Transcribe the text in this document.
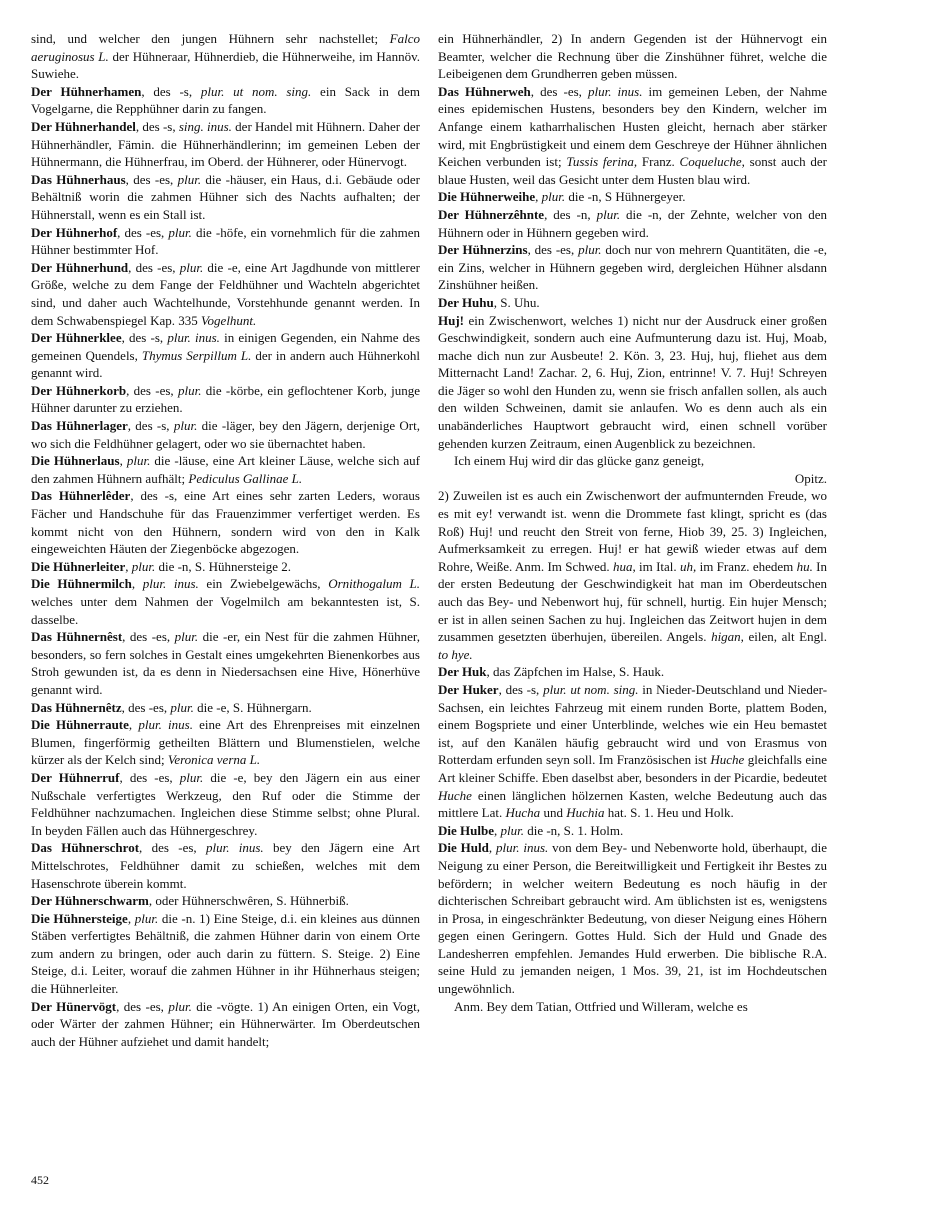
sind, und welcher den jungen Hühnern sehr nachstellet; Falco aeruginosus L. der Hühneraar, Hühnerdieb, die Hühnerweihe, im Hannöv. Suwiehe.

Der Hühnerhamen, des -s, plur. ut nom. sing. ein Sack in dem Vogelgarne, die Repphühner darin zu fangen.

Der Hühnerhandel, des -s, sing. inus. der Handel mit Hühnern. Daher der Hühnerhändler, Fämin. die Hühnerhändlerinn; im gemeinen Leben der Hühnermann, die Hühnerfrau, im Oberd. der Hühnerer, oder Hünervogt.

Das Hühnerhaus, des -es, plur. die -häuser, ein Haus, d.i. Gebäude oder Behältniß worin die zahmen Hühner sich des Nachts aufhalten; der Hühnerstall, wenn es ein Stall ist.

Der Hühnerhof, des -es, plur. die -höfe, ein vornehmlich für die zahmen Hühner bestimmter Hof.

Der Hühnerhund, des -es, plur. die -e, eine Art Jagdhunde von mittlerer Größe, welche zu dem Fange der Feldhühner und Wachteln abgerichtet sind, und daher auch Wachtelhunde, Vorstehhunde genannt werden. In dem Schwabenspiegel Kap. 335 Vogelhunt.

Der Hühnerklee, des -s, plur. inus. in einigen Gegenden, ein Nahme des gemeinen Quendels, Thymus Serpillum L. der in andern auch Hühnerkohl genannt wird.

Der Hühnerkorb, des -es, plur. die -körbe, ein geflochtener Korb, junge Hühner darunter zu erziehen.

Das Hühnerlager, des -s, plur. die -läger, bey den Jägern, derjenige Ort, wo sich die Feldhühner gelagert, oder wo sie übernachtet haben.

Die Hühnerlaus, plur. die -läuse, eine Art kleiner Läuse, welche sich auf den zahmen Hühnern aufhält; Pediculus Gallinae L.

Das Hühnerlêder, des -s, eine Art eines sehr zarten Leders, woraus Fächer und Handschuhe für das Frauenzimmer verfertiget werden. Es kommt nicht von den Hühnern, sondern wird von den in Kalk eingeweichten Häuten der Ziegenböcke abgezogen.

Die Hühnerleiter, plur. die -n, S. Hühnersteige 2.

Die Hühnermilch, plur. inus. ein Zwiebelgewächs, Ornithogalum L. welches unter dem Nahmen der Vogelmilch am bekanntesten ist, S. dasselbe.

Das Hühnernêst, des -es, plur. die -er, ein Nest für die zahmen Hühner, besonders, so fern solches in Gestalt eines umgekehrten Bienenkorbes aus Stroh gewunden ist, da es denn in Niedersachsen eine Hive, Hönerhüve genannt wird.

Das Hühnernêtz, des -es, plur. die -e, S. Hühnergarn.

Die Hühnerraute, plur. inus. eine Art des Ehrenpreises mit einzelnen Blumen, fingerförmig getheilten Blättern und Blumenstielen, welche kürzer als der Kelch sind; Veronica verna L.

Der Hühnerruf, des -es, plur. die -e, bey den Jägern ein aus einer Nußschale verfertigtes Werkzeug, den Ruf oder die Stimme der Feldhühner nachzumachen. Ingleichen diese Stimme selbst; ohne Plural. In beyden Fällen auch das Hühnergeschrey.

Das Hühnerschrot, des -es, plur. inus. bey den Jägern eine Art Mittelschrotes, Feldhühner damit zu schießen, welches mit dem Hasenschrote überein kommt.

Der Hühnerschwarm, oder Hühnerschwêren, S. Hühnerbiß.

Die Hühnersteige, plur. die -n. 1) Eine Steige, d.i. ein kleines aus dünnen Stäben verfertigtes Behältniß, die zahmen Hühner darin von einem Orte zum andern zu bringen, oder auch darin zu füttern. S. Steige. 2) Eine Steige, d.i. Leiter, worauf die zahmen Hühner in ihr Hühnerhaus steigen; die Hühnerleiter.

Der Hünervögt, des -es, plur. die -vögte. 1) An einigen Orten, ein Vogt, oder Wärter der zahmen Hühner; ein Hühnerwärter. Im Oberdeutschen auch der Hühner aufziehet und damit handelt;

ein Hühnerhändler, 2) In andern Gegenden ist der Hühnervogt ein Beamter, welcher die Rechnung über die Zinshühner führet, welche die Leibeigenen dem Grundherren geben müssen.

Das Hühnerweh, des -es, plur. inus. im gemeinen Leben, der Nahme eines epidemischen Hustens, besonders bey den Kindern, welcher im Anfange einem katharrhalischen Husten gleicht, hernach aber stärker wird, mit Engbrüstigkeit und einem dem Geschreye der Hühner ähnlichen Keichen verbunden ist; Tussis ferina, Franz. Coqueluche, sonst auch der blaue Husten, weil das Gesicht unter dem Husten blau wird.

Die Hühnerweihe, plur. die -n, S Hühnergeyer.

Der Hühnerzêhnte, des -n, plur. die -n, der Zehnte, welcher von den Hühnern oder in Hühnern gegeben wird.

Der Hühnerzins, des -es, plur. doch nur von mehrern Quantitäten, die -e, ein Zins, welcher in Hühnern gegeben wird, dergleichen Hühner alsdann Zinshühner heißen.

Der Huhu, S. Uhu.

Huj! ein Zwischenwort, welches 1) nicht nur der Ausdruck einer großen Geschwindigkeit, sondern auch eine Aufmunterung dazu ist. Huj, Moab, mache dich nun zur Ausbeute! 2. Kön. 3, 23. Huj, huj, fliehet aus dem Mitternacht Land! Zachar. 2, 6. Huj, Zion, entrinne! V. 7. Huj! Schreyen die Jäger so wohl den Hunden zu, wenn sie frisch anfallen sollen, als auch den wilden Schweinen, damit sie anlaufen. Wo es denn auch als ein unabänderliches Hauptwort gebraucht wird, einen schnell vorüber gehenden kurzen Zeitraum, einen Augenblick zu bezeichnen.

Ich einem Huj wird dir das glücke ganz geneigt,

Opitz.

2) Zuweilen ist es auch ein Zwischenwort der aufmunternden Freude, wo es mit ey! verwandt ist. wenn die Drommete fast klingt, spricht es (das Roß) Huj! und reucht den Streit von ferne, Hiob 39, 25. 3) Ingleichen, Aufmerksamkeit zu erregen. Huj! er hat gewiß wieder etwas auf dem Rohre, Weiße. Anm. Im Schwed. hua, im Ital. uh, im Franz. ehedem hu. In der ersten Bedeutung der Geschwindigkeit hat man im Oberdeutschen auch das Bey- und Nebenwort huj, für schnell, hurtig. Ein hujer Mensch; er ist in allen seinen Sachen zu huj. Ingleichen das Zeitwort hujen in dem zusammen gesetzten überhujen, übereilen. Angels. higan, eilen, alt Engl. to hye.

Der Huk, das Zäpfchen im Halse, S. Hauk.

Der Huker, des -s, plur. ut nom. sing. in Nieder-Deutschland und Nieder-Sachsen, ein leichtes Fahrzeug mit einem runden Borte, plattem Boden, einem Bogspriete und einer Unterblinde, welches wie ein Heu bemastet ist, auf den Kanälen häufig gebraucht wird und von Erasmus von Rotterdam erfunden seyn soll. Im Französischen ist Huche gleichfalls eine Art kleiner Schiffe. Eben daselbst aber, besonders in der Picardie, bedeutet Huche einen länglichen hölzernen Kasten, welche Bedeutung auch das mittlere Lat. Hucha und Huchia hat. S. 1. Heu und Holk.

Die Hulbe, plur. die -n, S. 1. Holm.

Die Huld, plur. inus. von dem Bey- und Nebenworte hold, überhaupt, die Neigung zu einer Person, die Bereitwilligkeit und Fertigkeit ihr Bestes zu befördern; in welcher weitern Bedeutung es noch häufig in der dichterischen Schreibart gebraucht wird. Am üblichsten ist es, wenigstens in Prosa, in eingeschränkter Bedeutung, von dieser Neigung eines Höhern gegen einen Geringern. Gottes Huld. Sich der Huld und Gnade des Landesherren empfehlen. Jemandes Huld erwerben. Die biblische R.A. seine Huld zu jemanden neigen, 1 Mos. 39, 21, ist im Hochdeutschen ungewöhnlich.

Anm. Bey dem Tatian, Ottfried und Willeram, welche es

452
